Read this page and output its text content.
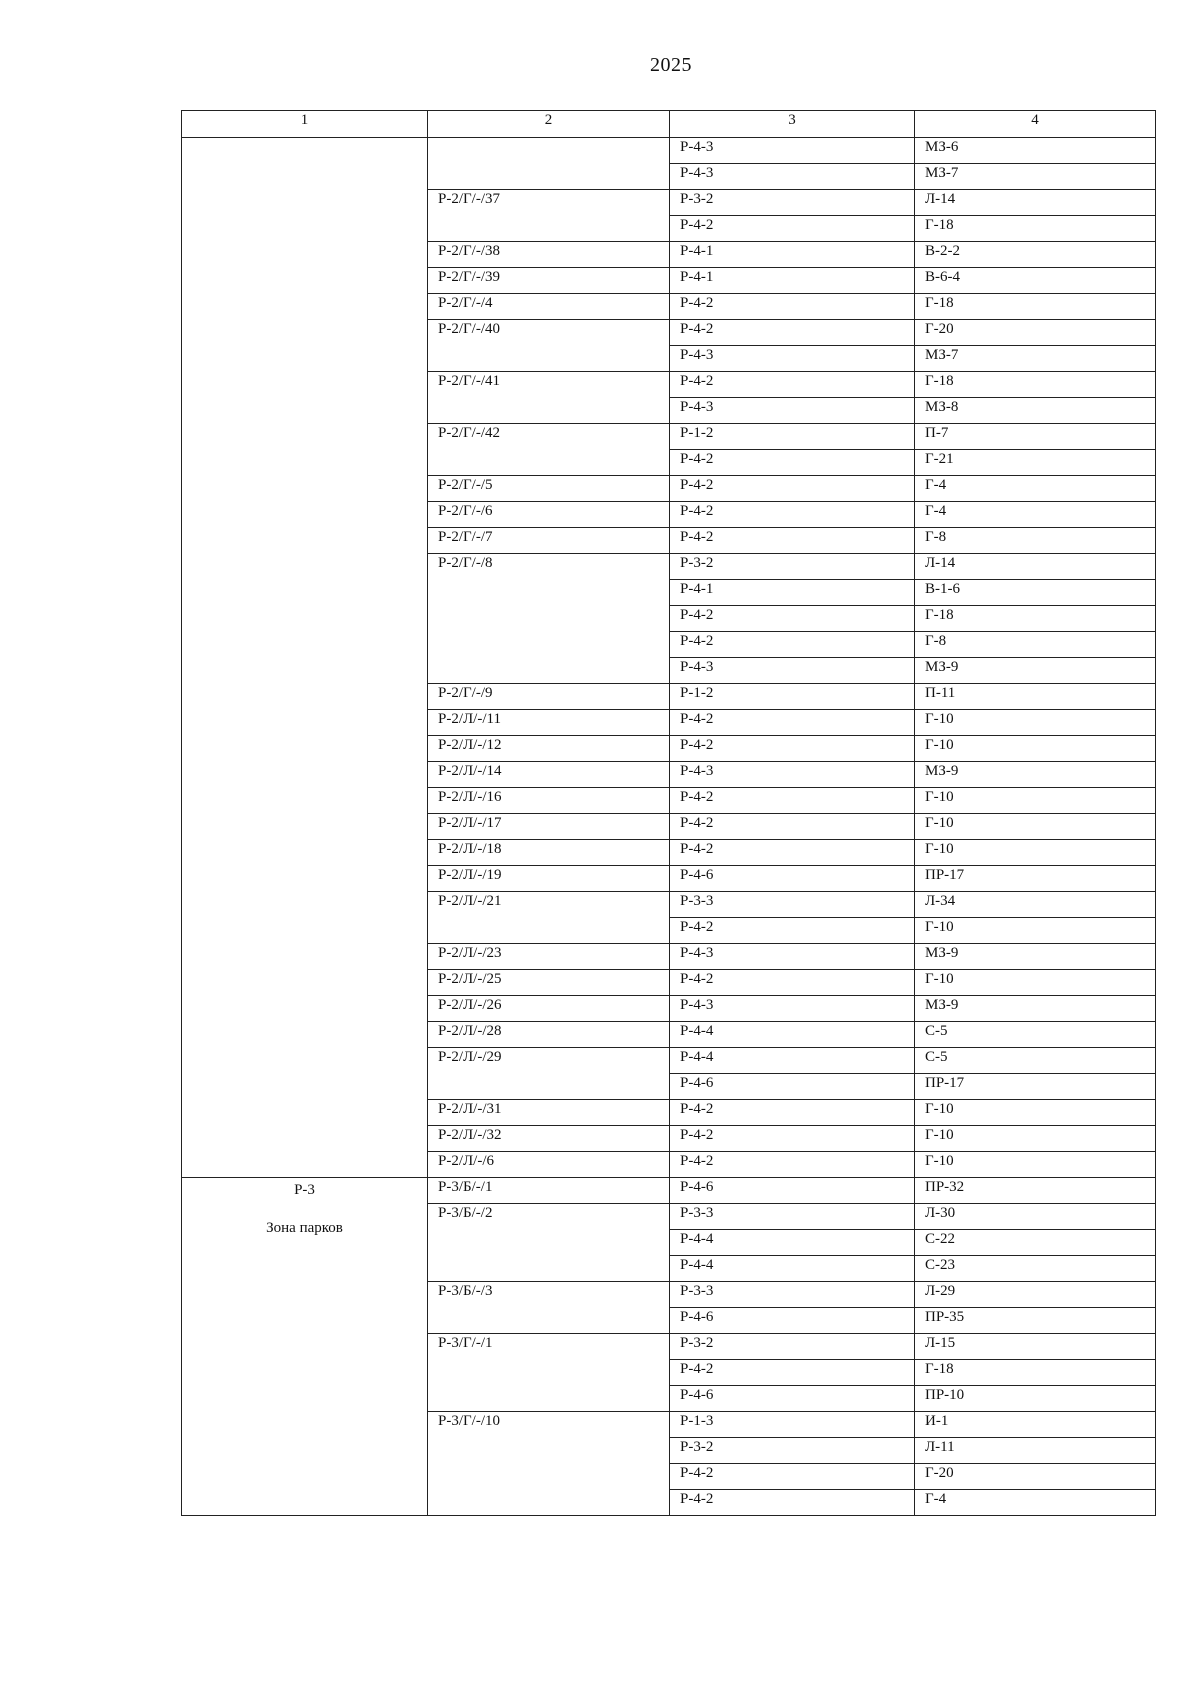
2025
1	2	3	4

		Р-4-3	МЗ-6
		Р-4-3	МЗ-7
	Р-2/Г/-/37	Р-3-2	Л-14
		Р-4-2	Г-18
	Р-2/Г/-/38	Р-4-1	В-2-2
	Р-2/Г/-/39	Р-4-1	В-6-4
	Р-2/Г/-/4	Р-4-2	Г-18
	Р-2/Г/-/40	Р-4-2	Г-20
		Р-4-3	МЗ-7
	Р-2/Г/-/41	Р-4-2	Г-18
		Р-4-3	МЗ-8
	Р-2/Г/-/42	Р-1-2	П-7
		Р-4-2	Г-21
	Р-2/Г/-/5	Р-4-2	Г-4
	Р-2/Г/-/6	Р-4-2	Г-4
	Р-2/Г/-/7	Р-4-2	Г-8
	Р-2/Г/-/8	Р-3-2	Л-14
		Р-4-1	В-1-6
		Р-4-2	Г-18
		Р-4-2	Г-8
		Р-4-3	МЗ-9
	Р-2/Г/-/9	Р-1-2	П-11
	Р-2/Л/-/11	Р-4-2	Г-10
	Р-2/Л/-/12	Р-4-2	Г-10
	Р-2/Л/-/14	Р-4-3	МЗ-9
	Р-2/Л/-/16	Р-4-2	Г-10
	Р-2/Л/-/17	Р-4-2	Г-10
	Р-2/Л/-/18	Р-4-2	Г-10
	Р-2/Л/-/19	Р-4-6	ПР-17
	Р-2/Л/-/21	Р-3-3	Л-34
		Р-4-2	Г-10
	Р-2/Л/-/23	Р-4-3	МЗ-9
	Р-2/Л/-/25	Р-4-2	Г-10
	Р-2/Л/-/26	Р-4-3	МЗ-9
	Р-2/Л/-/28	Р-4-4	С-5
	Р-2/Л/-/29	Р-4-4	С-5
		Р-4-6	ПР-17
	Р-2/Л/-/31	Р-4-2	Г-10
	Р-2/Л/-/32	Р-4-2	Г-10
	Р-2/Л/-/6	Р-4-2	Г-10
Р-3
Зона парков	Р-3/Б/-/1	Р-4-6	ПР-32
	Р-3/Б/-/2	Р-3-3	Л-30
		Р-4-4	С-22
		Р-4-4	С-23
	Р-3/Б/-/3	Р-3-3	Л-29
		Р-4-6	ПР-35
	Р-3/Г/-/1	Р-3-2	Л-15
		Р-4-2	Г-18
		Р-4-6	ПР-10
	Р-3/Г/-/10	Р-1-3	И-1
		Р-3-2	Л-11
		Р-4-2	Г-20
		Р-4-2	Г-4
